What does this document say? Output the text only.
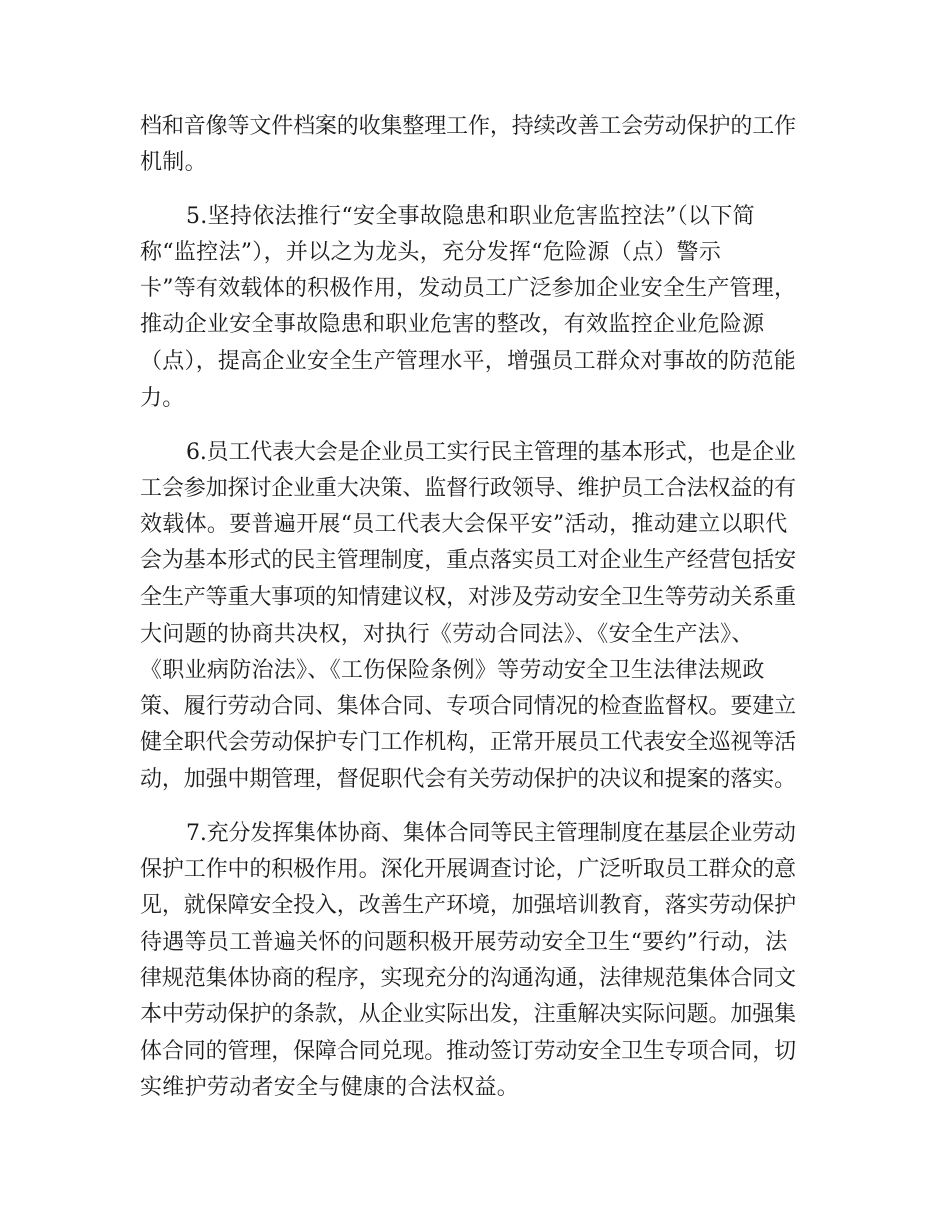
档和音像等文件档案的收集整理工作，持续改善工会劳动保护的工作
机制。
5.坚持依法推行“安全事故隐患和职业危害监控法”（以下简
称“监控法”），并以之为龙头，充分发挥“危险源（点）警示
卡”等有效载体的积极作用，发动员工广泛参加企业安全生产管理，
推动企业安全事故隐患和职业危害的整改，有效监控企业危险源
（点），提高企业安全生产管理水平，增强员工群众对事故的防范能
力。
6.员工代表大会是企业员工实行民主管理的基本形式，也是企业
工会参加探讨企业重大决策、监督行政领导、维护员工合法权益的有
效载体。要普遍开展“员工代表大会保平安”活动，推动建立以职代
会为基本形式的民主管理制度，重点落实员工对企业生产经营包括安
全生产等重大事项的知情建议权，对涉及劳动安全卫生等劳动关系重
大问题的协商共决权，对执行《劳动合同法》、《安全生产法》、
《职业病防治法》、《工伤保险条例》等劳动安全卫生法律法规政
策、履行劳动合同、集体合同、专项合同情况的检查监督权。要建立
健全职代会劳动保护专门工作机构，正常开展员工代表安全巡视等活
动，加强中期管理，督促职代会有关劳动保护的决议和提案的落实。
7.充分发挥集体协商、集体合同等民主管理制度在基层企业劳动
保护工作中的积极作用。深化开展调查讨论，广泛听取员工群众的意
见，就保障安全投入，改善生产环境，加强培训教育，落实劳动保护
待遇等员工普遍关怀的问题积极开展劳动安全卫生“要约”行动，法
律规范集体协商的程序，实现充分的沟通沟通，法律规范集体合同文
本中劳动保护的条款，从企业实际出发，注重解决实际问题。加强集
体合同的管理，保障合同兑现。推动签订劳动安全卫生专项合同，切
实维护劳动者安全与健康的合法权益。
